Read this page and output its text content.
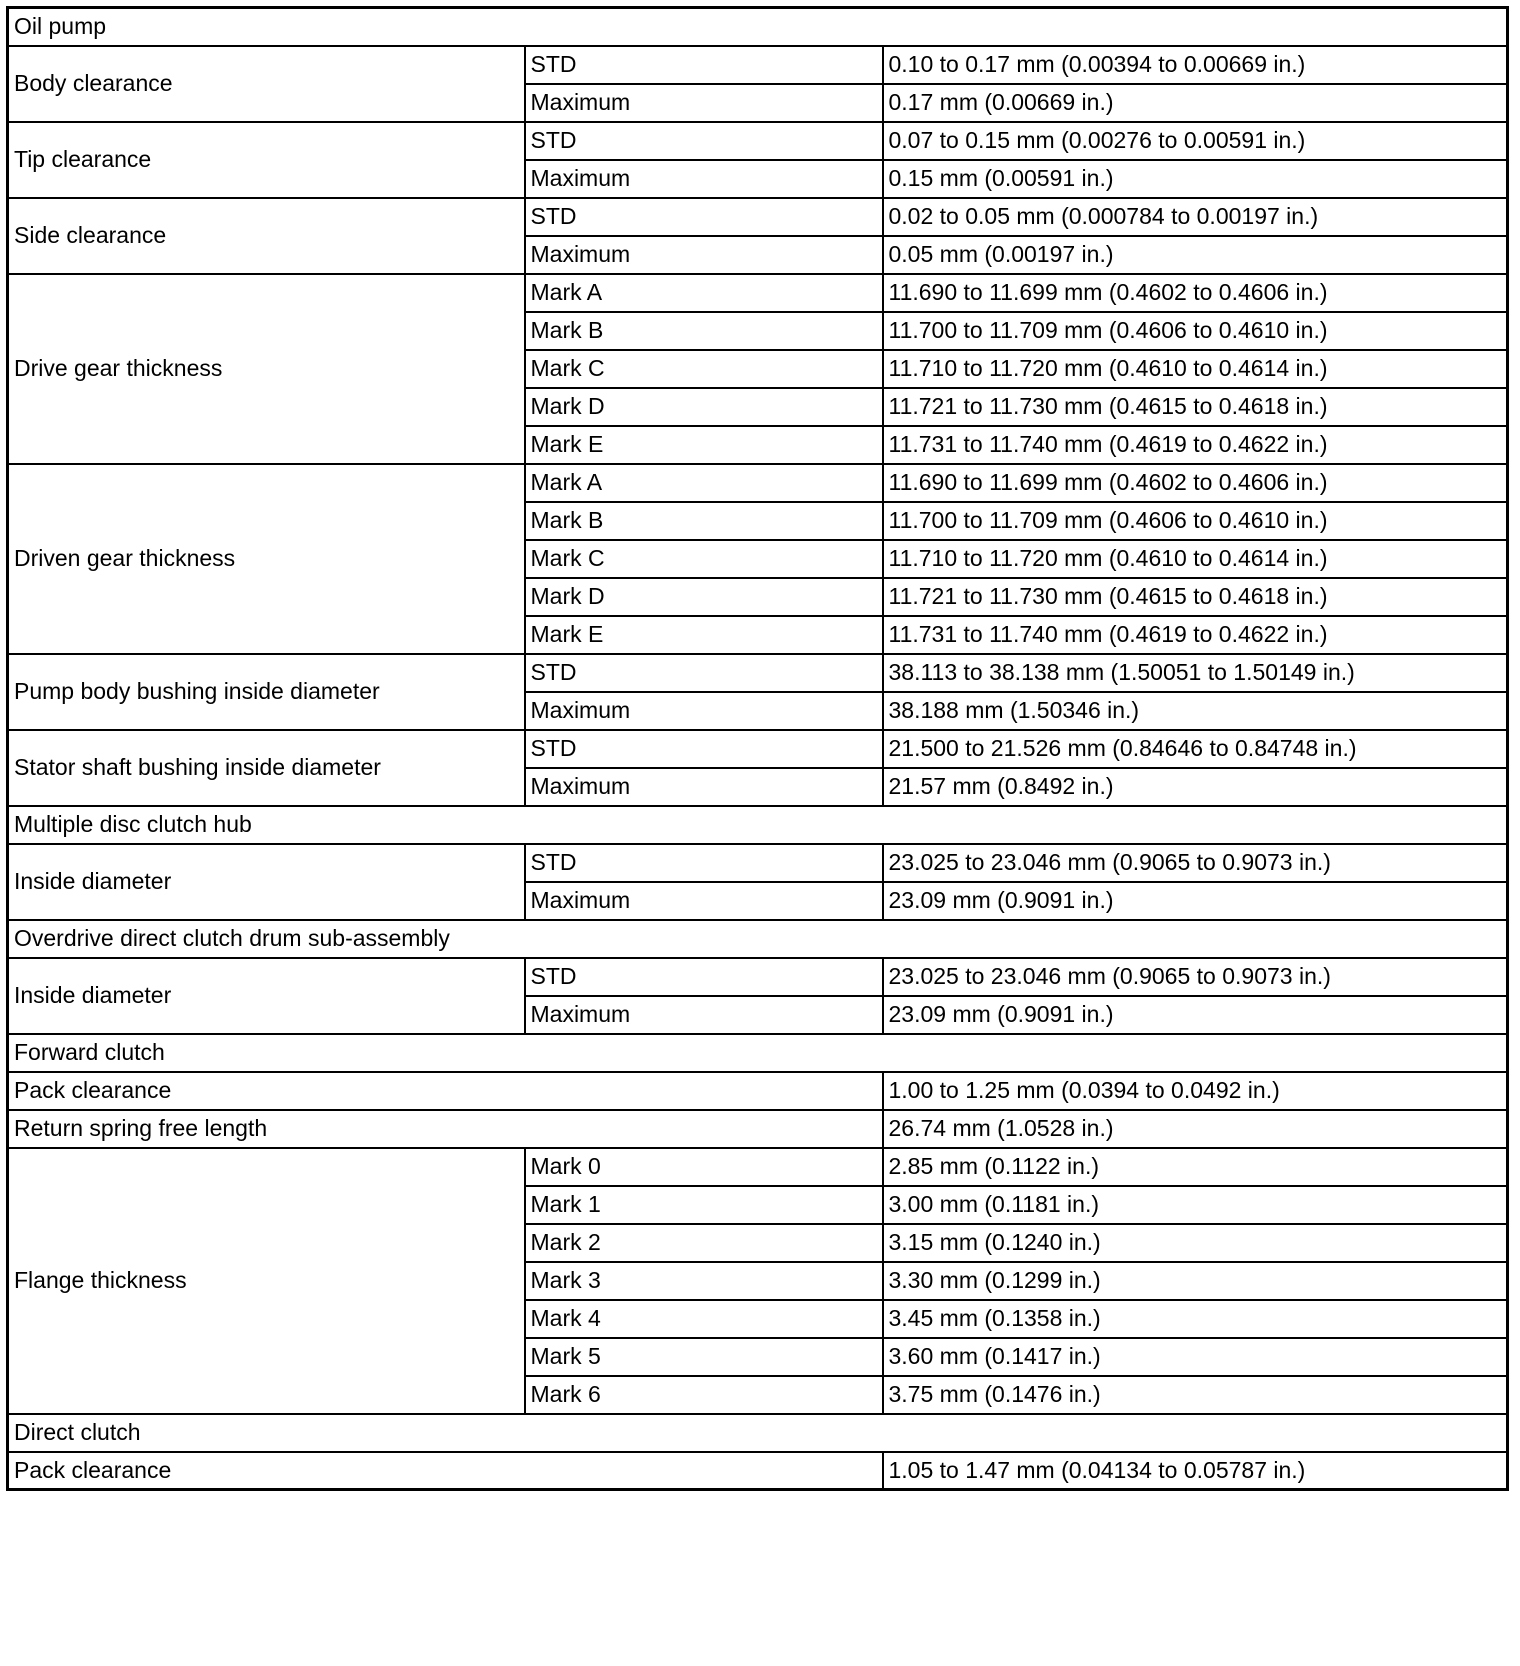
Oil pump		
Body clearance	STD	0.10 to 0.17 mm (0.00394 to 0.00669 in.)
	Maximum	0.17 mm (0.00669 in.)
Tip clearance	STD	0.07 to 0.15 mm (0.00276 to 0.00591 in.)
	Maximum	0.15 mm (0.00591 in.)
Side clearance	STD	0.02 to 0.05 mm (0.000784 to 0.00197 in.)
	Maximum	0.05 mm (0.00197 in.)
Drive gear thickness	Mark A	11.690 to 11.699 mm (0.4602 to 0.4606 in.)
	Mark B	11.700 to 11.709 mm (0.4606 to 0.4610 in.)
	Mark C	11.710 to 11.720 mm (0.4610 to 0.4614 in.)
	Mark D	11.721 to 11.730 mm (0.4615 to 0.4618 in.)
	Mark E	11.731 to 11.740 mm (0.4619 to 0.4622 in.)
Driven gear thickness	Mark A	11.690 to 11.699 mm (0.4602 to 0.4606 in.)
	Mark B	11.700 to 11.709 mm (0.4606 to 0.4610 in.)
	Mark C	11.710 to 11.720 mm (0.4610 to 0.4614 in.)
	Mark D	11.721 to 11.730 mm (0.4615 to 0.4618 in.)
	Mark E	11.731 to 11.740 mm (0.4619 to 0.4622 in.)
Pump body bushing inside diameter	STD	38.113 to 38.138 mm (1.50051 to 1.50149 in.)
	Maximum	38.188 mm (1.50346 in.)
Stator shaft bushing inside diameter	STD	21.500 to 21.526 mm (0.84646 to 0.84748 in.)
	Maximum	21.57 mm (0.8492 in.)
Multiple disc clutch hub		
Inside diameter	STD	23.025 to 23.046 mm (0.9065 to 0.9073 in.)
	Maximum	23.09 mm (0.9091 in.)
Overdrive direct clutch drum sub-assembly		
Inside diameter	STD	23.025 to 23.046 mm (0.9065 to 0.9073 in.)
	Maximum	23.09 mm (0.9091 in.)
Forward clutch		
Pack clearance		1.00 to 1.25 mm (0.0394 to 0.0492 in.)
Return spring free length		26.74 mm (1.0528 in.)
Flange thickness	Mark 0	2.85 mm (0.1122 in.)
	Mark 1	3.00 mm (0.1181 in.)
	Mark 2	3.15 mm (0.1240 in.)
	Mark 3	3.30 mm (0.1299 in.)
	Mark 4	3.45 mm (0.1358 in.)
	Mark 5	3.60 mm (0.1417 in.)
	Mark 6	3.75 mm (0.1476 in.)
Direct clutch		
Pack clearance		1.05 to 1.47 mm (0.04134 to 0.05787 in.)
